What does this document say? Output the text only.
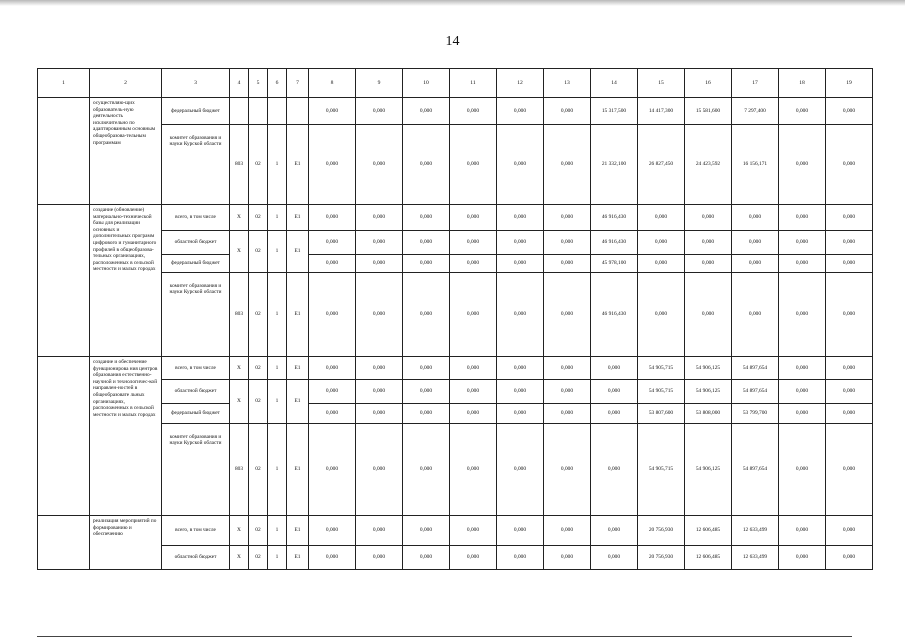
14
1	2	3	4	5	6	7	8	9	10	11	12	13	14	15	16	17	18	19
	осуществляю-щих образователь-ную деятельность исключительно по адаптированным основным общеобразова-тельным программам	федеральный бюджет					0,000	0,000	0,000	0,000	0,000	0,000	15 317,500	14 417,300	15 581,600	7 297,400	0,000	0,000
		комитет образования и науки Курской области	803	02	1	Е1	0,000	0,000	0,000	0,000	0,000	0,000	21 332,100	26 827,450	24 423,592	16 156,171	0,000	0,000
	создание (обновление) материально-технической базы для реализации основных и дополнительных программ цифрового и гуманитарного профилей в общеобразова-тельных организациях, расположенных в сельской местности и малых городах	всего, в том числе	Х	02	1	Е1	0,000	0,000	0,000	0,000	0,000	0,000	46 916,430	0,000	0,000	0,000	0,000	0,000
		областной бюджет	Х	02	1	Е1	0,000	0,000	0,000	0,000	0,000	0,000	46 916,430	0,000	0,000	0,000	0,000	0,000
		федеральный бюджет					0,000	0,000	0,000	0,000	0,000	0,000	45 978,100	0,000	0,000	0,000	0,000	0,000
		комитет образования и науки Курской области	803	02	1	Е1	0,000	0,000	0,000	0,000	0,000	0,000	46 916,430	0,000	0,000	0,000	0,000	0,000
	создание и обеспечение функционирова ния центров образования естественно-научной и технологичес-кой направлен-ностей в общеобразовате льных организациях, расположенных в сельской местности и малых городах	всего, в том числе	Х	02	1	Е1	0,000	0,000	0,000	0,000	0,000	0,000	0,000	54 905,715	54 906,125	54 897,654	0,000	0,000
		областной бюджет	Х	02	1	Е1	0,000	0,000	0,000	0,000	0,000	0,000	0,000	54 905,715	54 906,125	54 897,654	0,000	0,000
		федеральный бюджет					0,000	0,000	0,000	0,000	0,000	0,000	0,000	53 807,600	53 808,000	53 799,700	0,000	0,000
		комитет образования и науки Курской области	803	02	1	Е1	0,000	0,000	0,000	0,000	0,000	0,000	0,000	54 905,715	54 906,125	54 897,654	0,000	0,000
	реализация мероприятий по формированию и обеспечению	всего, в том числе	Х	02	1	Е1	0,000	0,000	0,000	0,000	0,000	0,000	0,000	20 756,930	12 606,485	12 633,499	0,000	0,000
		областной бюджет	Х	02	1	Е1	0,000	0,000	0,000	0,000	0,000	0,000	0,000	20 756,930	12 606,485	12 633,499	0,000	0,000
